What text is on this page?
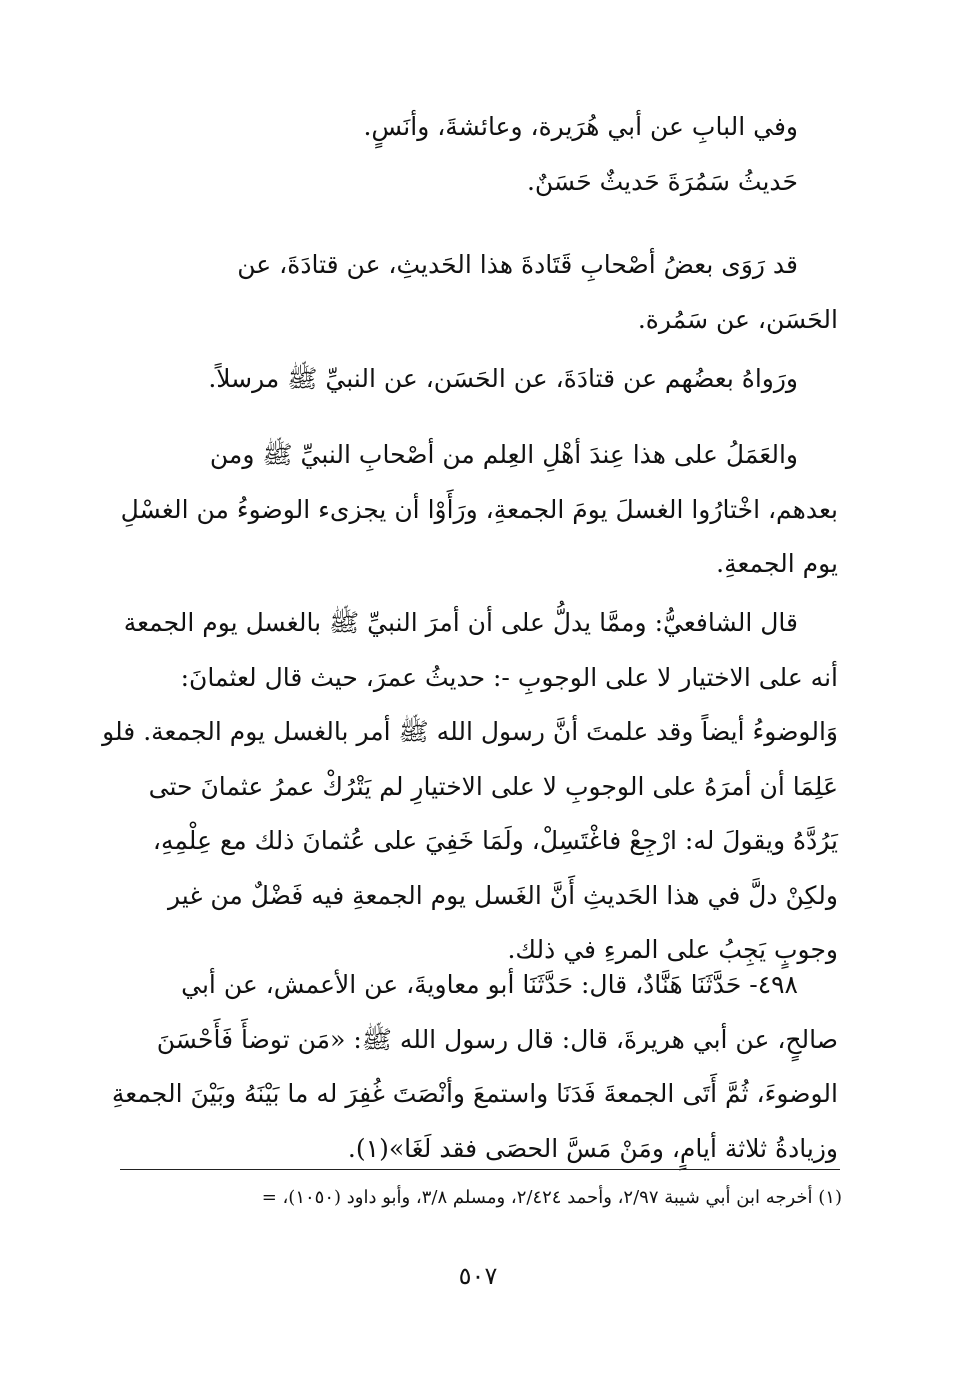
وفي البابِ عن أبي هُرَيرة، وعائشةَ، وأنَسٍ.

حَديثُ سَمُرَةَ حَديثٌ حَسَنٌ.

قد رَوَى بعضُ أصْحابِ قَتَادةَ هذا الحَديثِ، عن قتادَةَ، عن
الحَسَن، عن سَمُرة.

ورَواهُ بعضُهم عن قتادَةَ، عن الحَسَن، عن النبيِّ ﷺ مرسلاً.

والعَمَلُ على هذا عِندَ أهْلِ العِلم من أصْحابِ النبيِّ ﷺ ومن
بعدهم، اخْتارُوا الغسلَ يومَ الجمعةِ، ورَأَوْا أن يجزىء الوضوءُ من الغسْلِ
يوم الجمعةِ.

قال الشافعيُّ: وممَّا يدلُّ على أن أمرَ النبيِّ ﷺ بالغسل يوم الجمعة
أنه على الاختيار لا على الوجوبِ -: حديثُ عمرَ، حيث قال لعثمانَ:
وَالوضوءُ أيضاً وقد علمتَ أنَّ رسول الله ﷺ أمر بالغسل يوم الجمعة. فلو
عَلِمَا أن أمرَهُ على الوجوبِ لا على الاختيارِ لم يَتْرُكْ عمرُ عثمانَ حتى
يَرُدَّهُ ويقولَ له: ارْجِعْ فاغْتَسِلْ، ولَمَا خَفِيَ على عُثمانَ ذلك مع عِلْمِهِ،
ولكِنْ دلَّ في هذا الحَديثِ أَنَّ الغَسل يوم الجمعةِ فيه فَضْلٌ من غير
وجوبٍ يَجِبُ على المرءِ في ذلك.

٤٩٨- حَدَّثَنَا هَنَّادٌ، قال: حَدَّثَنَا أبو معاويةَ، عن الأعمش، عن أبي
صالحٍ، عن أبي هريرةَ، قال: قال رسول الله ﷺ: «مَن توضأَ فَأَحْسَنَ
الوضوءَ، ثُمَّ أَتَى الجمعةَ فَدَنَا واستمعَ وأنْصَتَ غُفِرَ له ما بَيْنَهُ وبَيْنَ الجمعةِ
وزيادةُ ثلاثة أيامٍ، ومَنْ مَسَّ الحصَى فقد لَغَا»(١).

(١) أخرجه ابن أبي شيبة ٢/٩٧، وأحمد ٢/٤٢٤، ومسلم ٣/٨، وأبو داود (١٠٥٠)، =
٥٠٧
